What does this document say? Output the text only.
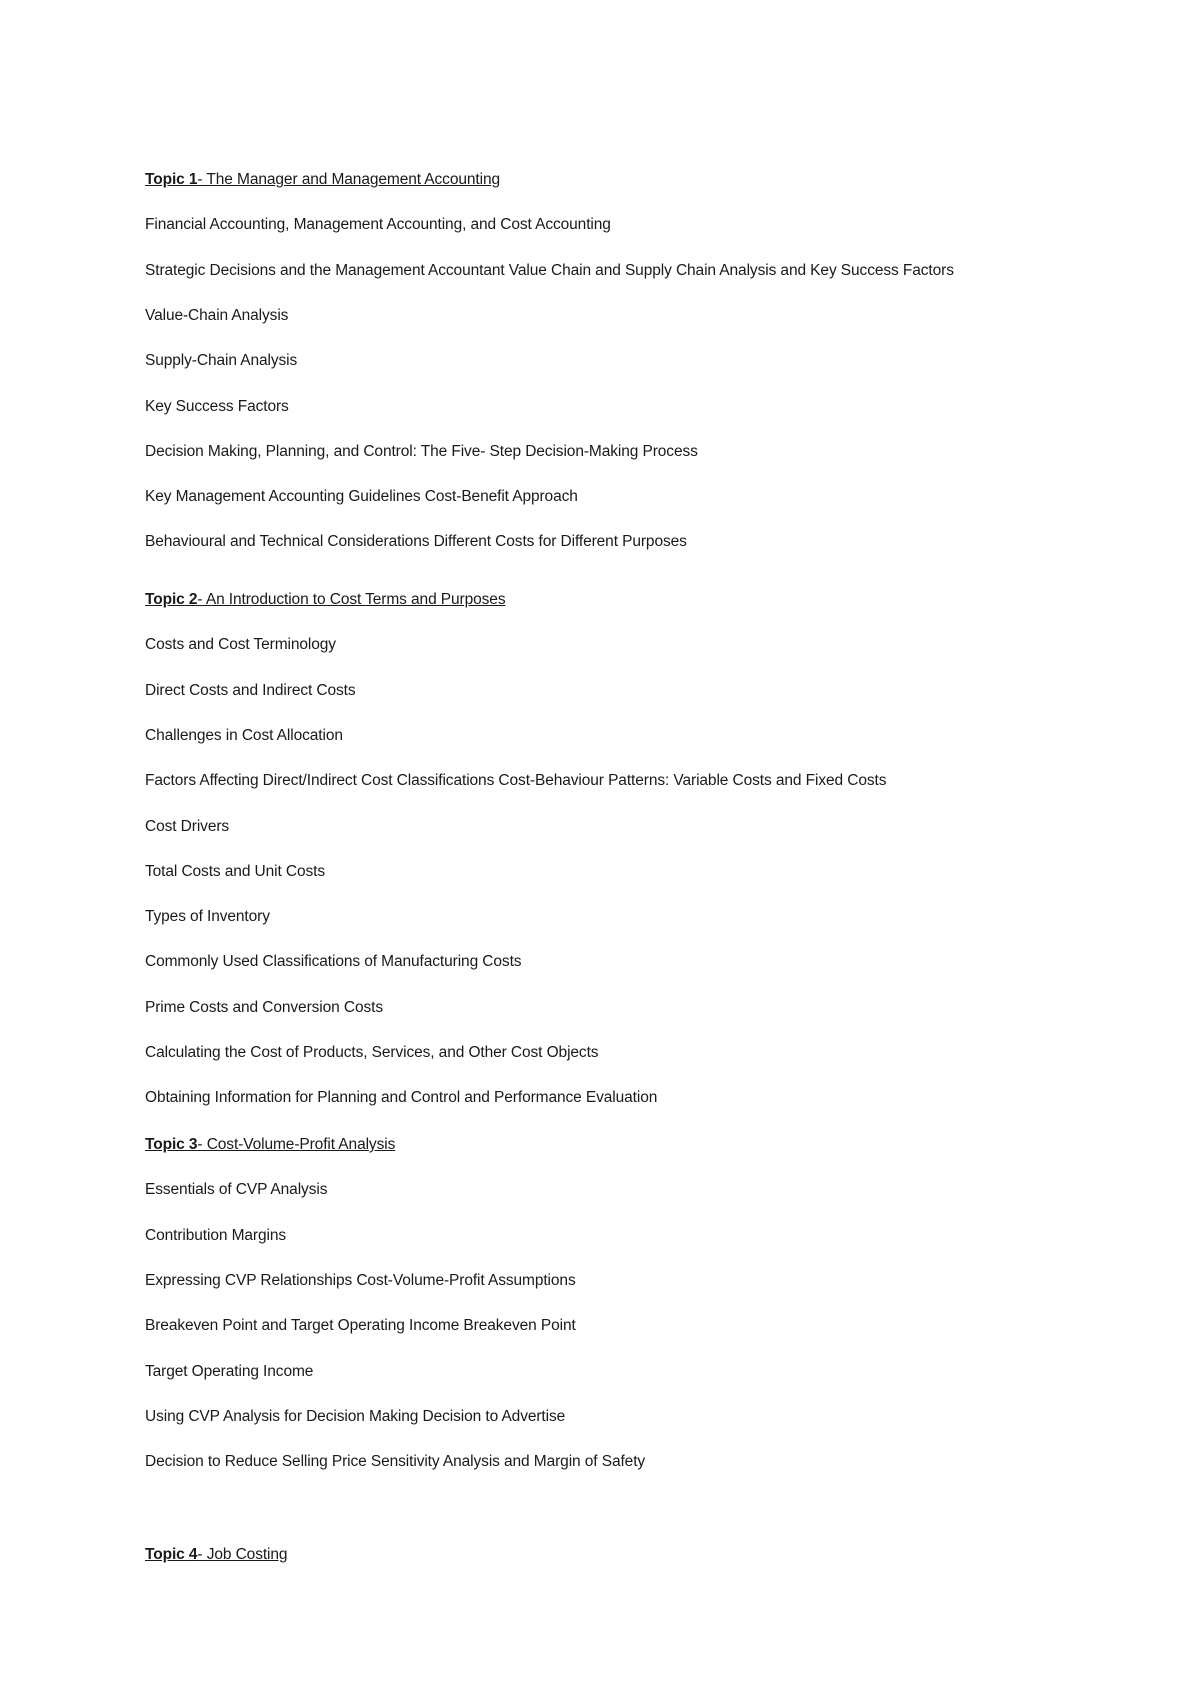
Topic 1- The Manager and Management Accounting
Financial Accounting, Management Accounting, and Cost Accounting
Strategic Decisions and the Management Accountant Value Chain and Supply Chain Analysis and Key Success Factors
Value-Chain Analysis
Supply-Chain Analysis
Key Success Factors
Decision Making, Planning, and Control: The Five- Step Decision-Making Process
Key Management Accounting Guidelines Cost-Benefit Approach
Behavioural and Technical Considerations Different Costs for Different Purposes
Topic 2- An Introduction to Cost Terms and Purposes
Costs and Cost Terminology
Direct Costs and Indirect Costs
Challenges in Cost Allocation
Factors Affecting Direct/Indirect Cost Classifications Cost-Behaviour Patterns: Variable Costs and Fixed Costs
Cost Drivers
Total Costs and Unit Costs
Types of Inventory
Commonly Used Classifications of Manufacturing Costs
Prime Costs and Conversion Costs
Calculating the Cost of Products, Services, and Other Cost Objects
Obtaining Information for Planning and Control and Performance Evaluation
Topic 3- Cost-Volume-Profit Analysis
Essentials of CVP Analysis
Contribution Margins
Expressing CVP Relationships Cost-Volume-Profit Assumptions
Breakeven Point and Target Operating Income Breakeven Point
Target Operating Income
Using CVP Analysis for Decision Making Decision to Advertise
Decision to Reduce Selling Price Sensitivity Analysis and Margin of Safety
Topic 4- Job Costing
